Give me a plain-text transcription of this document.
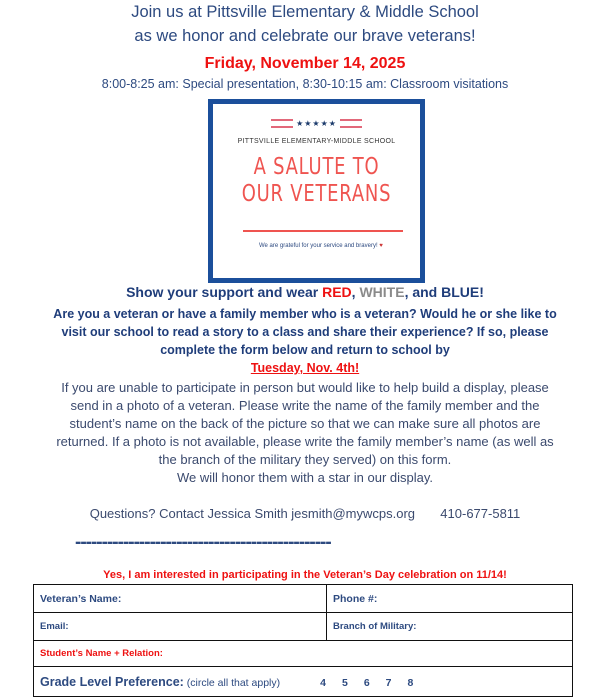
Join us at Pittsville Elementary & Middle School
as we honor and celebrate our brave veterans!
Friday, November 14, 2025
8:00-8:25 am: Special presentation, 8:30-10:15 am: Classroom visitations
★★★★★
PITTSVILLE ELEMENTARY-MIDDLE SCHOOL
A SALUTE TO
OUR VETERANS
We are grateful for your service and bravery! ♥
Show your support and wear RED, WHITE, and BLUE!
Are you a veteran or have a family member who is a veteran? Would he or she like to
visit our school to read a story to a class and share their experience? If so, please
complete the form below and return to school by
Tuesday, Nov. 4th!
If you are unable to participate in person but would like to help build a display, please
send in a photo of a veteran. Please write the name of the family member and the
student’s name on the back of the picture so that we can make sure all photos are
returned. If a photo is not available, please write the family member’s name (as well as
the branch of the military they served) on this form.
We will honor them with a star in our display.
Questions? Contact Jessica Smith jesmith@mywcps.org       410-677-5811
------------------------------------------------
Yes, I am interested in participating in the Veteran’s Day celebration on 11/14!
Veteran’s Name:	Phone #:
Email:	Branch of Military:
Student’s Name + Relation:	
Grade Level Preference: (circle all that apply) 4 5 6 7 8	
